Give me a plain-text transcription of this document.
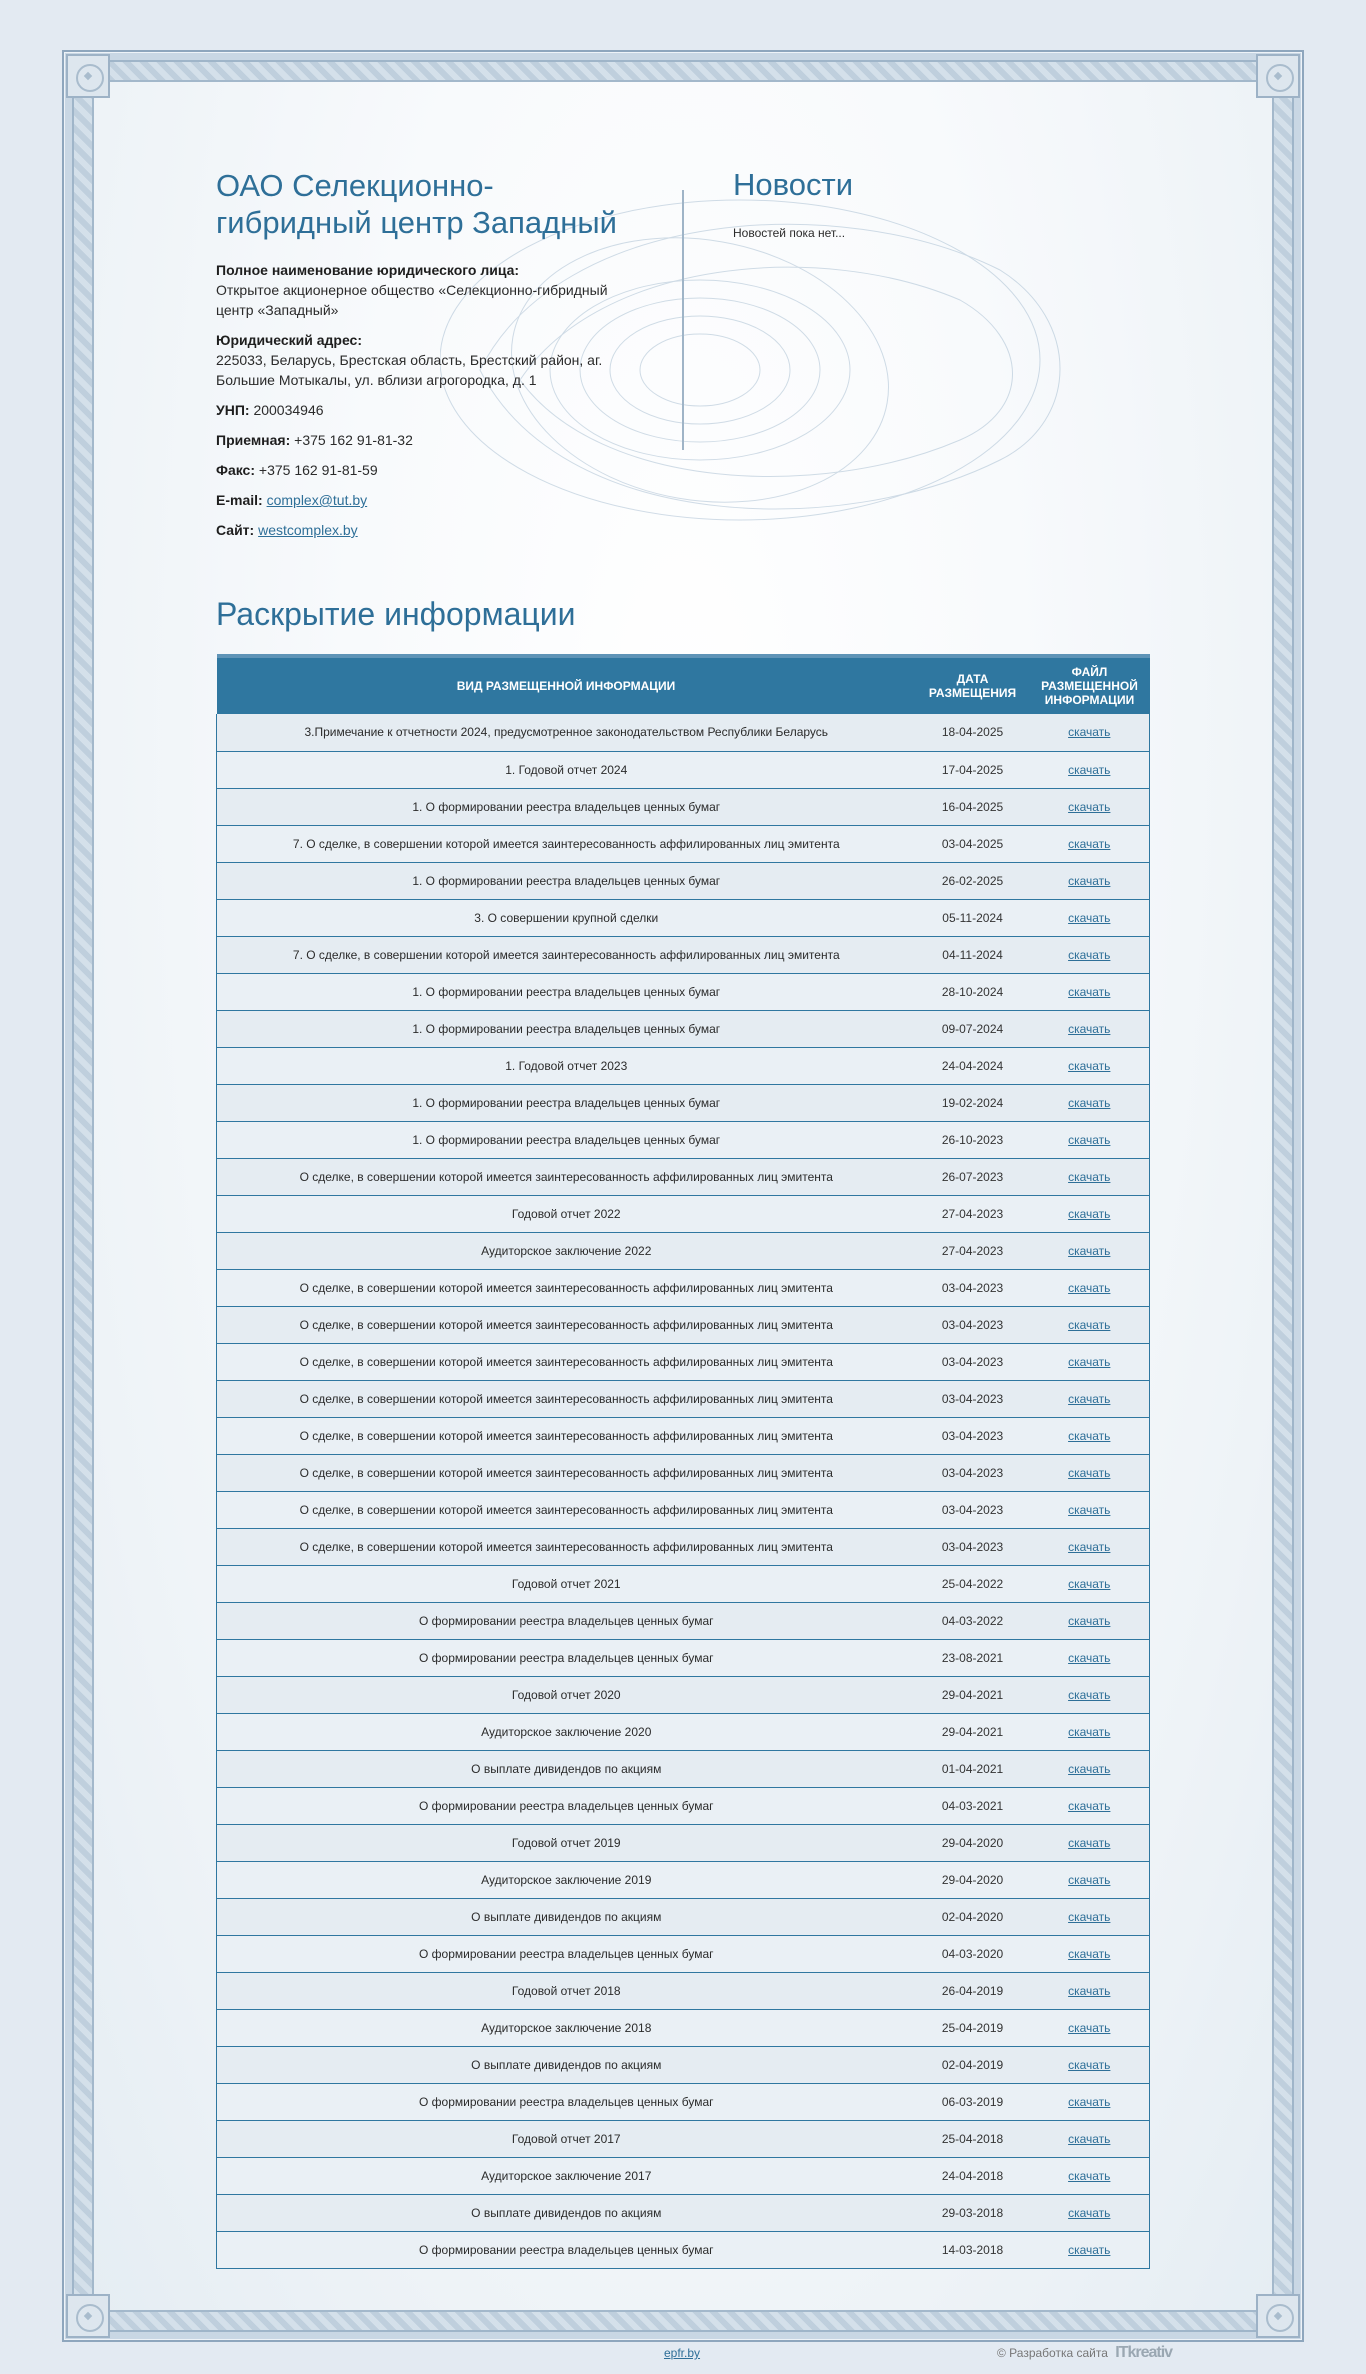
ОАО Селекционно-гибридный центр Западный

Полное наименование юридического лица:
Открытое акционерное общество «Селекционно-гибридный центр «Западный»

Юридический адрес:
225033, Беларусь, Брестская область, Брестский район, аг. Большие Мотыкалы, ул. вблизи агрогородка, д. 1

УНП: 200034946

Приемная: +375 162 91-81-32

Факс: +375 162 91-81-59

E-mail: complex@tut.by

Сайт: westcomplex.by

Новости
Новостей пока нет...
Раскрытие информации
ВИД РАЗМЕЩЕННОЙ ИНФОРМАЦИИ	ДАТА РАЗМЕЩЕНИЯ	ФАЙЛ РАЗМЕЩЕННОЙ ИНФОРМАЦИИ
3.Примечание к отчетности 2024, предусмотренное законодательством Республики Беларусь	18-04-2025	скачать
1. Годовой отчет 2024	17-04-2025	скачать
1. О формировании реестра владельцев ценных бумаг	16-04-2025	скачать
7. О сделке, в совершении которой имеется заинтересованность аффилированных лиц эмитента	03-04-2025	скачать
1. О формировании реестра владельцев ценных бумаг	26-02-2025	скачать
3. О совершении крупной сделки	05-11-2024	скачать
7. О сделке, в совершении которой имеется заинтересованность аффилированных лиц эмитента	04-11-2024	скачать
1. О формировании реестра владельцев ценных бумаг	28-10-2024	скачать
1. О формировании реестра владельцев ценных бумаг	09-07-2024	скачать
1. Годовой отчет 2023	24-04-2024	скачать
1. О формировании реестра владельцев ценных бумаг	19-02-2024	скачать
1. О формировании реестра владельцев ценных бумаг	26-10-2023	скачать
О сделке, в совершении которой имеется заинтересованность аффилированных лиц эмитента	26-07-2023	скачать
Годовой отчет 2022	27-04-2023	скачать
Аудиторское заключение 2022	27-04-2023	скачать
О сделке, в совершении которой имеется заинтересованность аффилированных лиц эмитента	03-04-2023	скачать
О сделке, в совершении которой имеется заинтересованность аффилированных лиц эмитента	03-04-2023	скачать
О сделке, в совершении которой имеется заинтересованность аффилированных лиц эмитента	03-04-2023	скачать
О сделке, в совершении которой имеется заинтересованность аффилированных лиц эмитента	03-04-2023	скачать
О сделке, в совершении которой имеется заинтересованность аффилированных лиц эмитента	03-04-2023	скачать
О сделке, в совершении которой имеется заинтересованность аффилированных лиц эмитента	03-04-2023	скачать
О сделке, в совершении которой имеется заинтересованность аффилированных лиц эмитента	03-04-2023	скачать
О сделке, в совершении которой имеется заинтересованность аффилированных лиц эмитента	03-04-2023	скачать
Годовой отчет 2021	25-04-2022	скачать
О формировании реестра владельцев ценных бумаг	04-03-2022	скачать
О формировании реестра владельцев ценных бумаг	23-08-2021	скачать
Годовой отчет 2020	29-04-2021	скачать
Аудиторское заключение 2020	29-04-2021	скачать
О выплате дивидендов по акциям	01-04-2021	скачать
О формировании реестра владельцев ценных бумаг	04-03-2021	скачать
Годовой отчет 2019	29-04-2020	скачать
Аудиторское заключение 2019	29-04-2020	скачать
О выплате дивидендов по акциям	02-04-2020	скачать
О формировании реестра владельцев ценных бумаг	04-03-2020	скачать
Годовой отчет 2018	26-04-2019	скачать
Аудиторское заключение 2018	25-04-2019	скачать
О выплате дивидендов по акциям	02-04-2019	скачать
О формировании реестра владельцев ценных бумаг	06-03-2019	скачать
Годовой отчет 2017	25-04-2018	скачать
Аудиторское заключение 2017	24-04-2018	скачать
О выплате дивидендов по акциям	29-03-2018	скачать
О формировании реестра владельцев ценных бумаг	14-03-2018	скачать
epfr.by	© Разработка сайта ITkreativ
